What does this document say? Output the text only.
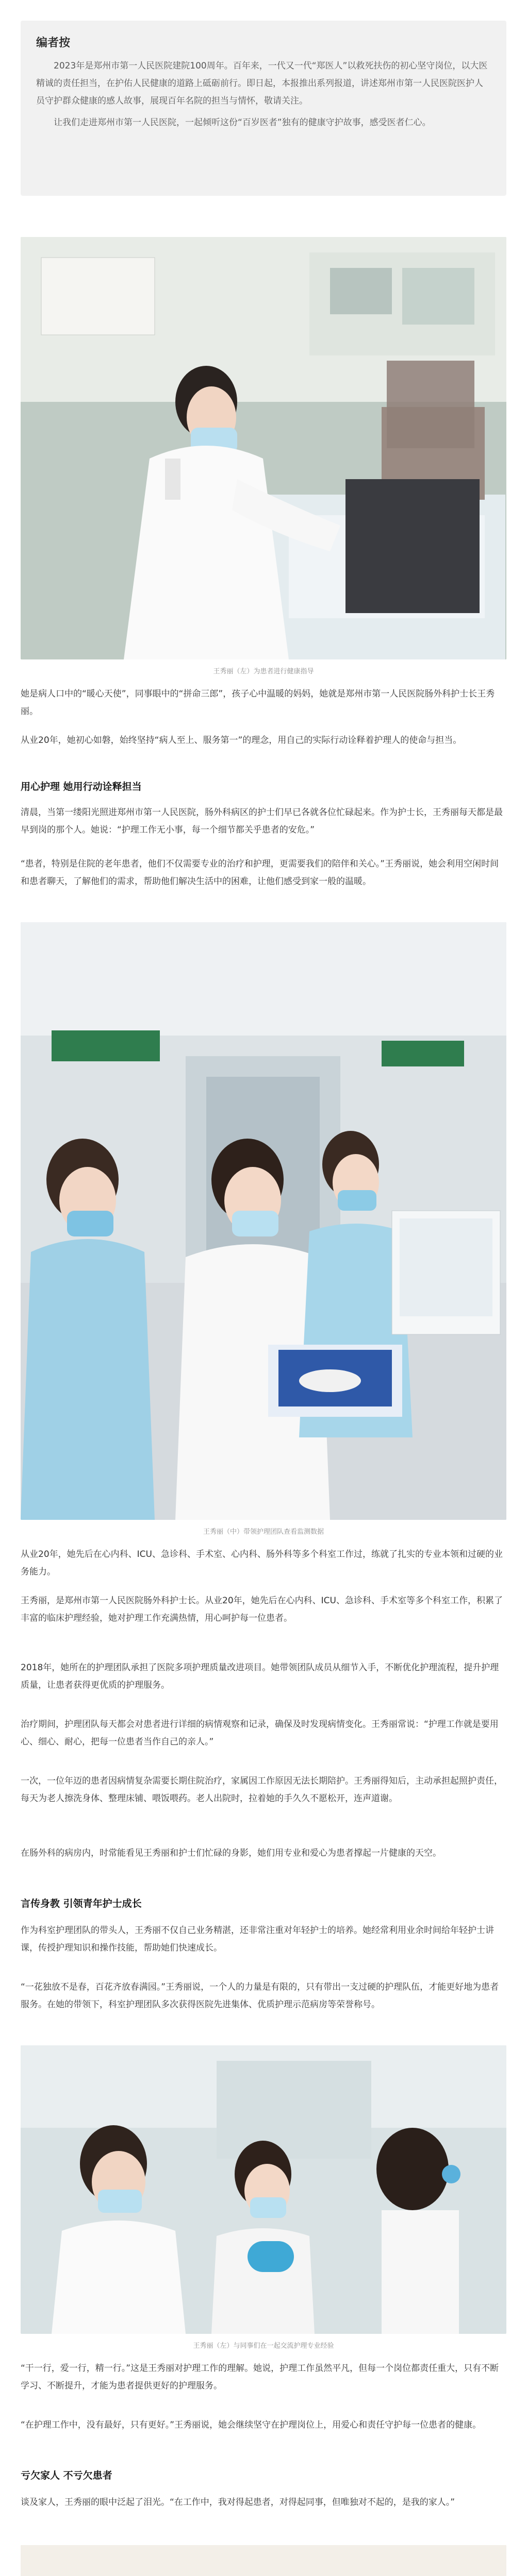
编者按

2023年是郑州市第一人民医院建院100周年。百年来，一代又一代“郑医人”以救死扶伤的初心坚守岗位，以大医精诚的责任担当，在护佑人民健康的道路上砥砺前行。即日起，本报推出系列报道，讲述郑州市第一人民医院医护人员守护群众健康的感人故事，展现百年名院的担当与情怀，敬请关注。

让我们走进郑州市第一人民医院，一起倾听这份“百岁医者”独有的健康守护故事，感受医者仁心。

王秀丽（左）为患者进行健康指导

她是病人口中的“暖心天使”，同事眼中的“拼命三郎”，孩子心中温暖的妈妈，她就是郑州市第一人民医院肠外科护士长王秀丽。

从业20年，她初心如磐，始终坚持“病人至上、服务第一”的理念，用自己的实际行动诠释着护理人的使命与担当。

用心护理 她用行动诠释担当

清晨，当第一缕阳光照进郑州市第一人民医院，肠外科病区的护士们早已各就各位忙碌起来。作为护士长，王秀丽每天都是最早到岗的那个人。她说：“护理工作无小事，每一个细节都关乎患者的安危。”

“患者，特别是住院的老年患者，他们不仅需要专业的治疗和护理，更需要我们的陪伴和关心。”王秀丽说，她会利用空闲时间和患者聊天，了解他们的需求，帮助他们解决生活中的困难，让他们感受到家一般的温暖。

王秀丽（中）带领护理团队查看监测数据

从业20年，她先后在心内科、ICU、急诊科、手术室、心内科、肠外科等多个科室工作过，练就了扎实的专业本领和过硬的业务能力。

王秀丽，是郑州市第一人民医院肠外科护士长。从业20年，她先后在心内科、ICU、急诊科、手术室等多个科室工作，积累了丰富的临床护理经验，她对护理工作充满热情，用心呵护每一位患者。

2018年，她所在的护理团队承担了医院多项护理质量改进项目。她带领团队成员从细节入手，不断优化护理流程，提升护理质量，让患者获得更优质的护理服务。

治疗期间，护理团队每天都会对患者进行详细的病情观察和记录，确保及时发现病情变化。王秀丽常说：“护理工作就是要用心、细心、耐心，把每一位患者当作自己的亲人。”

一次，一位年迈的患者因病情复杂需要长期住院治疗，家属因工作原因无法长期陪护。王秀丽得知后，主动承担起照护责任，每天为老人擦洗身体、整理床铺、喂饭喂药。老人出院时，拉着她的手久久不愿松开，连声道谢。

在肠外科的病房内，时常能看见王秀丽和护士们忙碌的身影，她们用专业和爱心为患者撑起一片健康的天空。

言传身教 引领青年护士成长

作为科室护理团队的带头人，王秀丽不仅自己业务精湛，还非常注重对年轻护士的培养。她经常利用业余时间给年轻护士讲课，传授护理知识和操作技能，帮助她们快速成长。

“一花独放不是春，百花齐放春满园。”王秀丽说，一个人的力量是有限的，只有带出一支过硬的护理队伍，才能更好地为患者服务。在她的带领下，科室护理团队多次获得医院先进集体、优质护理示范病房等荣誉称号。

王秀丽（左）与同事们在一起交流护理专业经验

“干一行，爱一行，精一行。”这是王秀丽对护理工作的理解。她说，护理工作虽然平凡，但每一个岗位都责任重大，只有不断学习、不断提升，才能为患者提供更好的护理服务。

“在护理工作中，没有最好，只有更好。”王秀丽说，她会继续坚守在护理岗位上，用爱心和责任守护每一位患者的健康。

亏欠家人 不亏欠患者

谈及家人，王秀丽的眼中泛起了泪光。“在工作中，我对得起患者，对得起同事，但唯独对不起的，是我的家人。”
